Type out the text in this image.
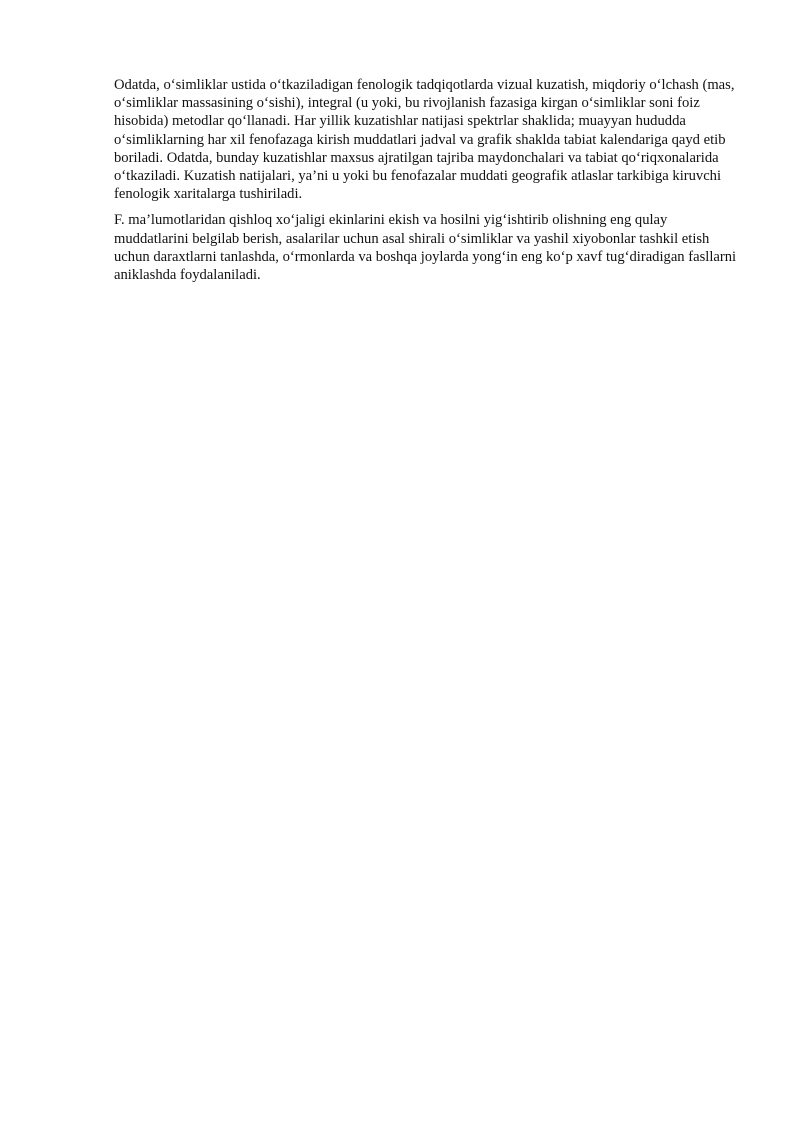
Odatda, o‘simliklar ustida o‘tkaziladigan fenologik tadqiqotlarda vizual kuzatish, miqdoriy o‘lchash (mas, o‘simliklar massasining o‘sishi), integral (u yoki, bu rivojlanish fazasiga kirgan o‘simliklar soni foiz hisobida) metodlar qo‘llanadi. Har yillik kuzatishlar natijasi spektrlar shaklida; muayyan hududda o‘simliklarning har xil fenofazaga kirish muddatlari jadval va grafik shaklda tabiat kalendariga qayd etib boriladi. Odatda, bunday kuzatishlar maxsus ajratilgan tajriba maydonchalari va tabiat qo‘riqxonalarida o‘tkaziladi. Kuzatish natijalari, ya’ni u yoki bu fenofazalar muddati geografik atlaslar tarkibiga kiruvchi fenologik xaritalarga tushiriladi.

F. ma’lumotlaridan qishloq xo‘jaligi ekinlarini ekish va hosilni yig‘ishtirib olishning eng qulay muddatlarini belgilab berish, asalarilar uchun asal shirali o‘simliklar va yashil xiyobonlar tashkil etish uchun daraxtlarni tanlashda, o‘rmonlarda va boshqa joylarda yong‘in eng ko‘p xavf tug‘diradigan fasllarni aniklashda foydalaniladi.
